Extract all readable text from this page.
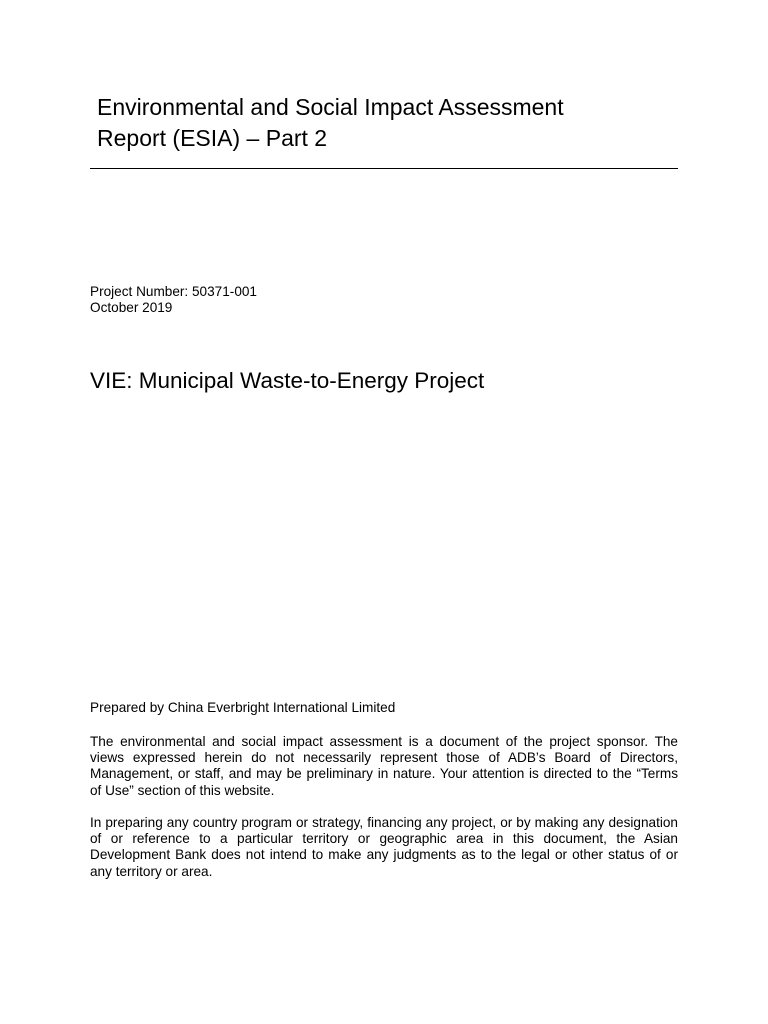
Environmental and Social Impact Assessment
Report (ESIA) – Part 2
Project Number: 50371-001
October 2019
VIE: Municipal Waste-to-Energy Project
Prepared by China Everbright International Limited

The environmental and social impact assessment is a document of the project sponsor. The views expressed herein do not necessarily represent those of ADB’s Board of Directors, Management, or staff, and may be preliminary in nature. Your attention is directed to the “Terms of Use” section of this website.

In preparing any country program or strategy, financing any project, or by making any designation of or reference to a particular territory or geographic area in this document, the Asian Development Bank does not intend to make any judgments as to the legal or other status of or any territory or area.
